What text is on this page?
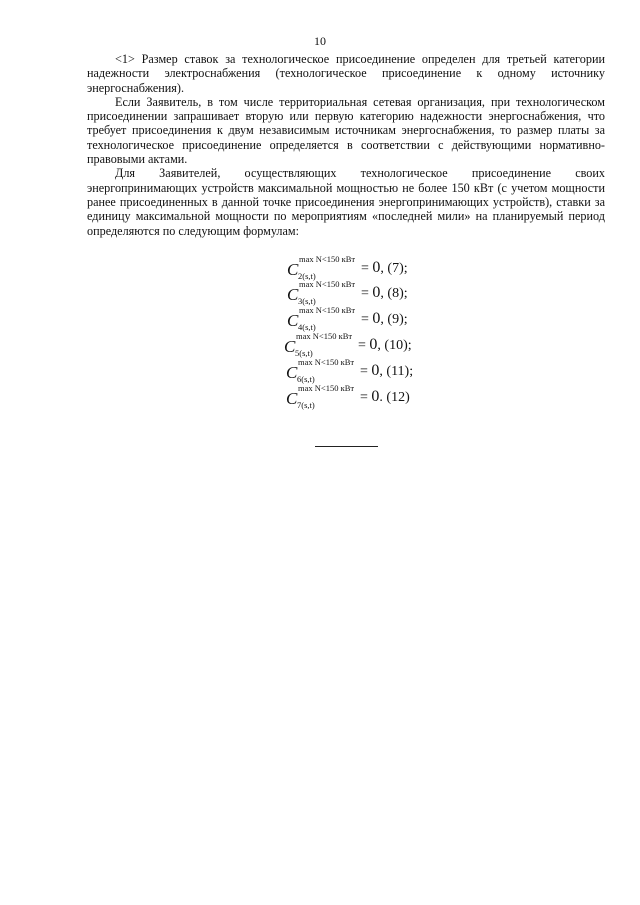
10

<1> Размер ставок за технологическое присоединение определен для третьей категории надежности электроснабжения (технологическое присоединение к одному источнику энергоснабжения).

Если Заявитель, в том числе территориальная сетевая организация, при технологическом присоединении запрашивает вторую или первую категорию надежности энергоснабжения, что требует присоединения к двум независимым источникам энергоснабжения, то размер платы за технологическое присоединение определяется в соответствии с действующими нормативно-правовыми актами.

Для Заявителей, осуществляющих технологическое присоединение своих энергопринимающих устройств максимальной мощностью не более 150 кВт (с учетом мощности ранее присоединенных в данной точке присоединения энергопринимающих устройств), ставки за единицу максимальной мощности по мероприятиям «последней мили» на планируемый период определяются по следующим формулам:

C
max N<150 кВт
2(s,t)	= 0, (7);
C
max N<150 кВт
3(s,t)	= 0, (8);
C
max N<150 кВт
4(s,t)	= 0, (9);
C
max N<150 кВт
5(s,t)	= 0, (10);
C
max N<150 кВт
6(s,t)	= 0, (11);
C
max N<150 кВт
7(s,t)	= 0. (12)
